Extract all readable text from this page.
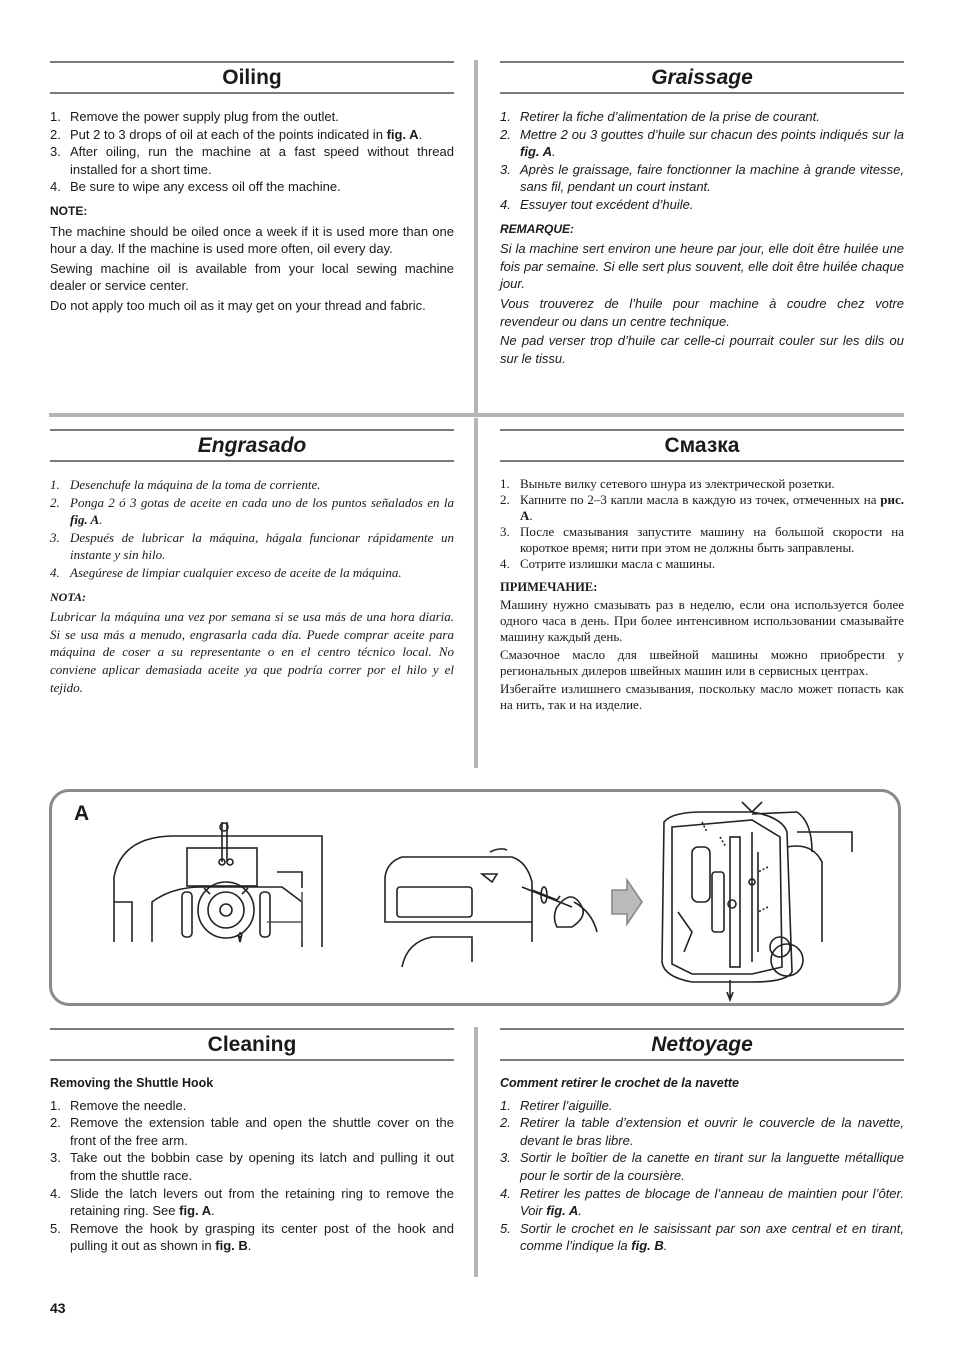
Oiling
1. Remove the power supply plug from the outlet.
2. Put 2 to 3 drops of oil at each of the points indicated in fig. A.
3. After oiling, run the machine at a fast speed without thread installed for a short time.
4. Be sure to wipe any excess oil off the machine.
NOTE:

The machine should be oiled once a week if it is used more than one hour a day. If the machine is used more often, oil every day.

Sewing machine oil is available from your local sewing machine dealer or service center.

Do not apply too much oil as it may get on your thread and fabric.

Graissage
1. Retirer la fiche d’alimentation de la prise de courant.
2. Mettre 2 ou 3 gouttes d’huile sur chacun des points indiqués sur la fig. A.
3. Après le graissage, faire fonctionner la machine à grande vitesse, sans fil, pendant un court instant.
4. Essuyer tout excédent d’huile.
REMARQUE:

Si la machine sert environ une heure par jour, elle doit être huilée une fois par semaine. Si elle sert plus souvent, elle doit être huilée chaque jour.

Vous trouverez de l’huile pour machine à coudre chez votre revendeur ou dans un centre technique.

Ne pad verser trop d’huile car celle-ci pourrait couler sur les dils ou sur le tissu.

Engrasado
1. Desenchufe la máquina de la toma de corriente.
2. Ponga 2 ó 3 gotas de aceite en cada uno de los puntos señalados en la fig. A.
3. Después de lubricar la máquina, hágala funcionar rápidamente un instante y sin hilo.
4. Asegúrese de limpiar cualquier exceso de aceite de la máquina.
NOTA:

Lubricar la máquina una vez por semana si se usa más de una hora diaria. Si se usa más a menudo, engrasarla cada día. Puede comprar aceite para máquina de coser a su representante o en el centro técnico local. No conviene aplicar demasiada aceite ya que podría correr por el hilo y el tejido.

Смазка
1. Выньте вилку сетевого шнура из электрической розетки.
2. Капните по 2–3 капли масла в каждую из точек, отмеченных на рис. А.
3. После смазывания запустите машину на большой скорости на короткое время; нити при этом не должны быть заправлены.
4. Сотрите излишки масла с машины.
ПРИМЕЧАНИЕ:

Машину нужно смазывать раз в неделю, если она используется более одного часа в день. При более интенсивном использовании смазывайте машину каждый день.

Смазочное масло для швейной машины можно приобрести у региональных дилеров швейных машин или в сервисных центрах.

Избегайте излишнего смазывания, поскольку масло может попасть как на нить, так и на изделие.

A
Cleaning
Removing the Shuttle Hook
1. Remove the needle.
2. Remove the extension table and open the shuttle cover on the front of the free arm.
3. Take out the bobbin case by opening its latch and pulling it out from the shuttle race.
4. Slide the latch levers out from the retaining ring to remove the retaining ring. See fig. A.
5. Remove the hook by grasping its center post of the hook and pulling it out as shown in fig. B.
Nettoyage
Comment retirer le crochet de la navette
1. Retirer l’aiguille.
2. Retirer la table d’extension et ouvrir le couvercle de la navette, devant le bras libre.
3. Sortir le boîtier de la canette en tirant sur la languette métallique pour le sortir de la coursière.
4. Retirer les pattes de blocage de l’anneau de maintien pour l’ôter. Voir fig. A.
5. Sortir le crochet en le saisissant par son axe central et en tirant, comme l’indique la fig. B.
43
